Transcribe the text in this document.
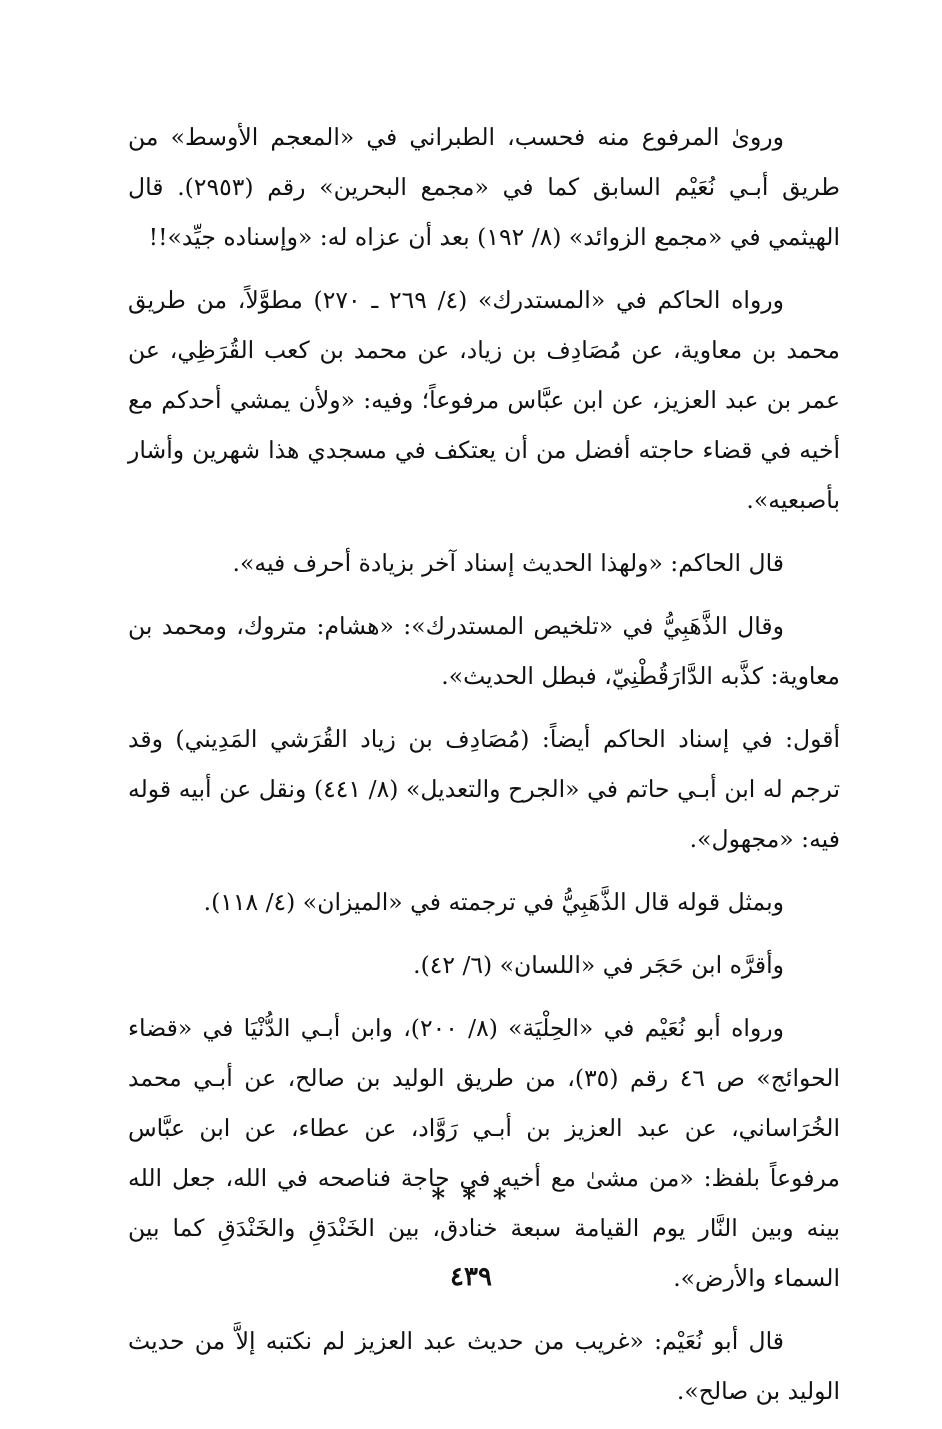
وروىٰ المرفوع منه فحسب، الطبراني في «المعجم الأوسط» من طريق أبـي نُعَيْم السابق كما في «مجمع البحرين» رقم (٢٩٥٣). قال الهيثمي في «مجمع الزوائد» (٨/ ١٩٢) بعد أن عزاه له: «وإسناده جيِّد»!!

ورواه الحاكم في «المستدرك» (٤/ ٢٦٩ ـ ٢٧٠) مطوَّلاً، من طريق محمد بن معاوية، عن مُصَادِف بن زياد، عن محمد بن كعب القُرَظِي، عن عمر بن عبد العزيز، عن ابن عبَّاس مرفوعاً؛ وفيه: «ولأن يمشي أحدكم مع أخيه في قضاء حاجته أفضل من أن يعتكف في مسجدي هذا شهرين وأشار بأصبعيه».

قال الحاكم: «ولهذا الحديث إسناد آخر بزيادة أحرف فيه».

وقال الذَّهَبِيُّ في «تلخيص المستدرك»: «هشام: متروك، ومحمد بن معاوية: كذَّبه الدَّارَقُطْنِيّ، فبطل الحديث».

أقول: في إسناد الحاكم أيضاً: (مُصَادِف بن زياد القُرَشي المَدِيني) وقد ترجم له ابن أبـي حاتم في «الجرح والتعديل» (٨/ ٤٤١) ونقل عن أبيه قوله فيه: «مجهول».

وبمثل قوله قال الذَّهَبِيُّ في ترجمته في «الميزان» (٤/ ١١٨).

وأقرَّه ابن حَجَر في «اللسان» (٦/ ٤٢).

ورواه أبو نُعَيْم في «الحِلْيَة» (٨/ ٢٠٠)، وابن أبـي الدُّنْيَا في «قضاء الحوائج» ص ٤٦ رقم (٣٥)، من طريق الوليد بن صالح، عن أبـي محمد الخُرَاساني، عن عبد العزيز بن أبـي رَوَّاد، عن عطاء، عن ابن عبَّاس مرفوعاً بلفظ: «من مشىٰ مع أخيه في حاجة فناصحه في الله، جعل الله بينه وبين النَّار يوم القيامة سبعة خنادق، بين الخَنْدَقِ والخَنْدَقِ كما بين السماء والأرض».

قال أبو نُعَيْم: «غريب من حديث عبد العزيز لم نكتبه إلاَّ من حديث الوليد بن صالح».

* * *
٤٣٩
